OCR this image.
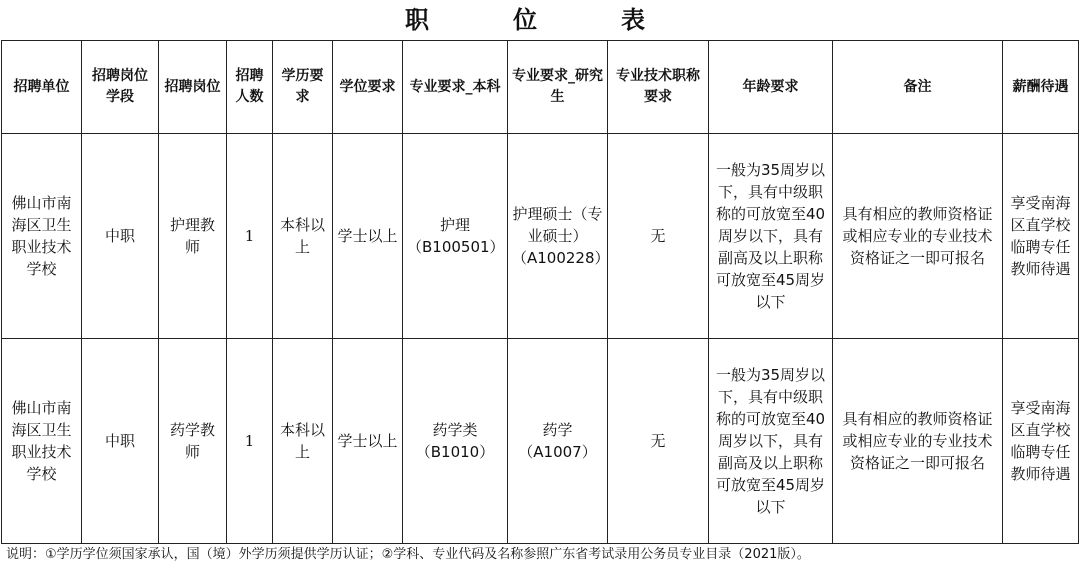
职　位　表
招聘单位	招聘岗位学段	招聘岗位	招聘人数	学历要求	学位要求	专业要求_本科	专业要求_研究生	专业技术职称要求	年龄要求	备注	薪酬待遇
佛山市南海区卫生职业技术学校	中职	护理教师	1	本科以上	学士以上	护理（B100501）	护理硕士（专业硕士）（A100228）	无	一般为35周岁以下，具有中级职称的可放宽至40周岁以下，具有副高及以上职称可放宽至45周岁以下	具有相应的教师资格证或相应专业的专业技术资格证之一即可报名	享受南海区直学校临聘专任教师待遇
佛山市南海区卫生职业技术学校	中职	药学教师	1	本科以上	学士以上	药学类（B1010）	药学（A1007）	无	一般为35周岁以下，具有中级职称的可放宽至40周岁以下，具有副高及以上职称可放宽至45周岁以下	具有相应的教师资格证或相应专业的专业技术资格证之一即可报名	享受南海区直学校临聘专任教师待遇
说明：①学历学位须国家承认，国（境）外学历须提供学历认证；②学科、专业代码及名称参照广东省考试录用公务员专业目录（2021版）。
